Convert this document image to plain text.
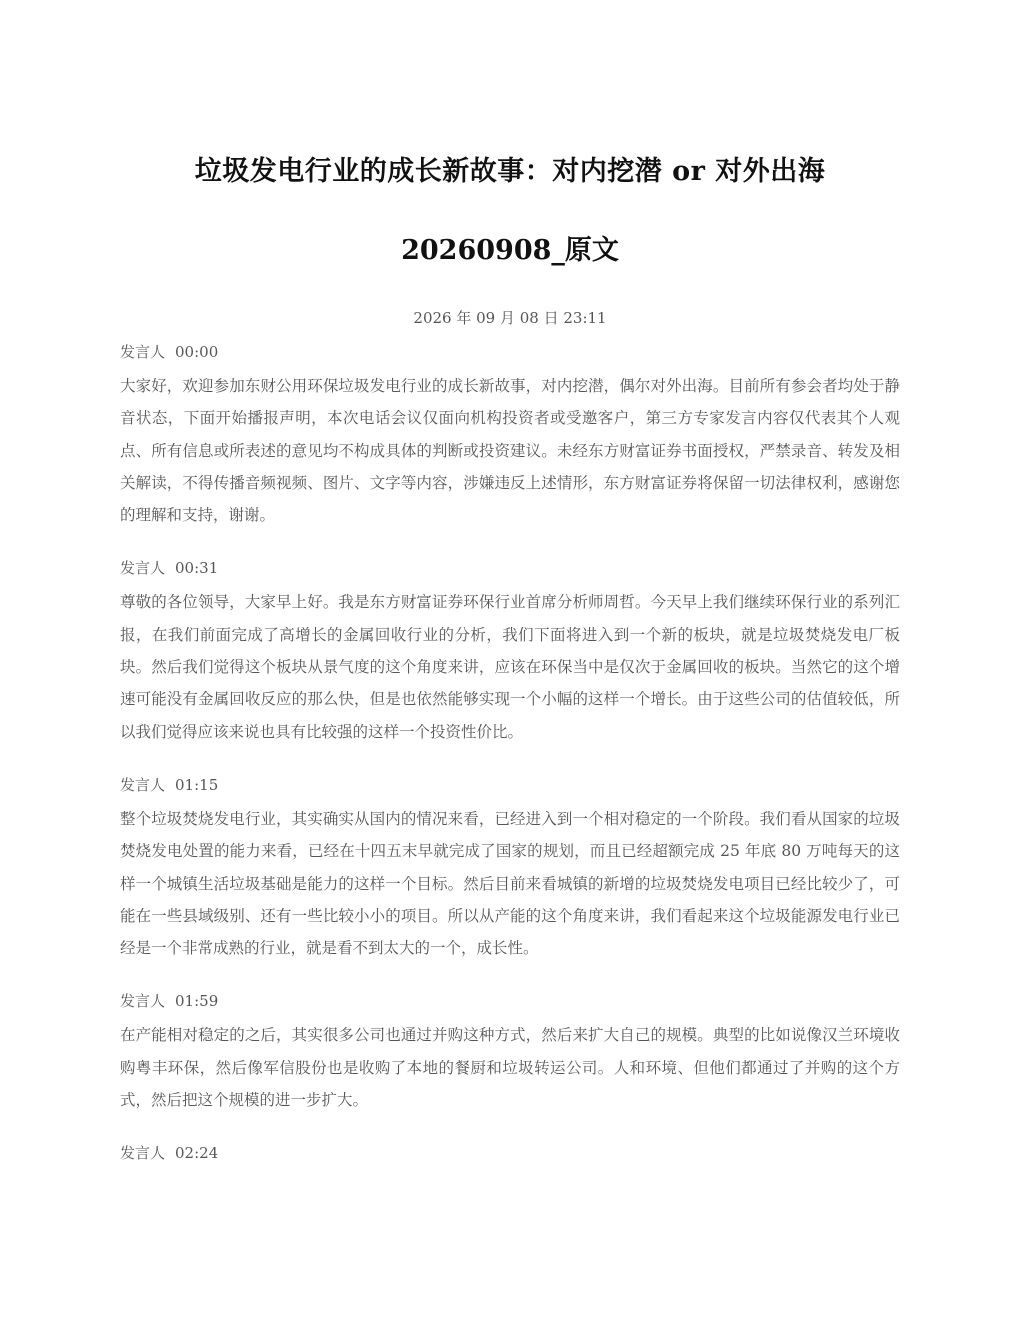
垃圾发电行业的成长新故事：对内挖潜 or 对外出海
20260908_原文
2026 年 09 月 08 日 23:11
发言人 00:00

大家好，欢迎参加东财公用环保垃圾发电行业的成长新故事，对内挖潜，偶尔对外出海。目前所有参会者均处于静音状态，下面开始播报声明，本次电话会议仅面向机构投资者或受邀客户，第三方专家发言内容仅代表其个人观点、所有信息或所表述的意见均不构成具体的判断或投资建议。未经东方财富证券书面授权，严禁录音、转发及相关解读，不得传播音频视频、图片、文字等内容，涉嫌违反上述情形，东方财富证券将保留一切法律权利，感谢您的理解和支持，谢谢。

发言人 00:31

尊敬的各位领导，大家早上好。我是东方财富证券环保行业首席分析师周哲。今天早上我们继续环保行业的系列汇报，在我们前面完成了高增长的金属回收行业的分析，我们下面将进入到一个新的板块，就是垃圾焚烧发电厂板块。然后我们觉得这个板块从景气度的这个角度来讲，应该在环保当中是仅次于金属回收的板块。当然它的这个增速可能没有金属回收反应的那么快，但是也依然能够实现一个小幅的这样一个增长。由于这些公司的估值较低，所以我们觉得应该来说也具有比较强的这样一个投资性价比。

发言人 01:15

整个垃圾焚烧发电行业，其实确实从国内的情况来看，已经进入到一个相对稳定的一个阶段。我们看从国家的垃圾焚烧发电处置的能力来看，已经在十四五末早就完成了国家的规划，而且已经超额完成 25 年底 80 万吨每天的这样一个城镇生活垃圾基础是能力的这样一个目标。然后目前来看城镇的新增的垃圾焚烧发电项目已经比较少了，可能在一些县域级别、还有一些比较小小的项目。所以从产能的这个角度来讲，我们看起来这个垃圾能源发电行业已经是一个非常成熟的行业，就是看不到太大的一个，成长性。

发言人 01:59

在产能相对稳定的之后，其实很多公司也通过并购这种方式，然后来扩大自己的规模。典型的比如说像汉兰环境收购粤丰环保，然后像军信股份也是收购了本地的餐厨和垃圾转运公司。人和环境、但他们都通过了并购的这个方式，然后把这个规模的进一步扩大。

发言人 02:24
